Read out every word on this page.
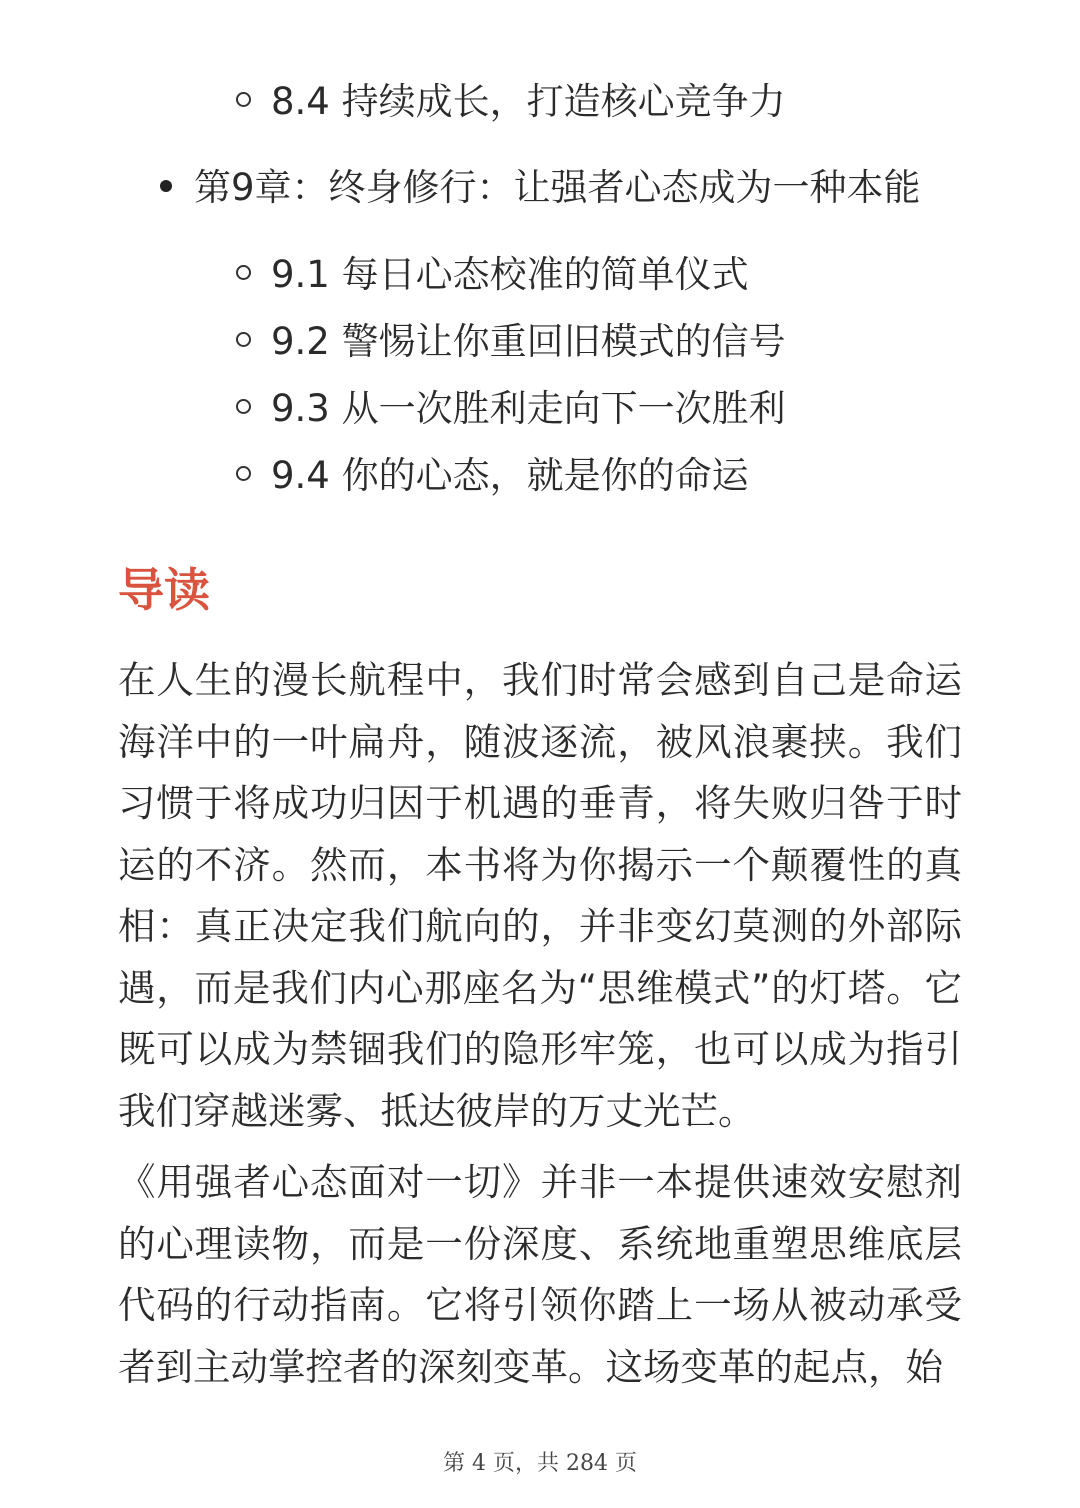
8.4 持续成长，打造核心竞争力
第9章：终身修行：让强者心态成为一种本能
9.1 每日心态校准的简单仪式
9.2 警惕让你重回旧模式的信号
9.3 从一次胜利走向下一次胜利
9.4 你的心态，就是你的命运
导读
在人生的漫长航程中，我们时常会感到自己是命运海洋中的一叶扁舟，随波逐流，被风浪裹挟。我们习惯于将成功归因于机遇的垂青，将失败归咎于时运的不济。然而，本书将为你揭示一个颠覆性的真相：真正决定我们航向的，并非变幻莫测的外部际遇，而是我们内心那座名为“思维模式”的灯塔。它既可以成为禁锢我们的隐形牢笼，也可以成为指引我们穿越迷雾、抵达彼岸的万丈光芒。
《用强者心态面对一切》并非一本提供速效安慰剂的心理读物，而是一份深度、系统地重塑思维底层代码的行动指南。它将引领你踏上一场从被动承受者到主动掌控者的深刻变革。这场变革的起点，始
第 4 页，共 284 页
